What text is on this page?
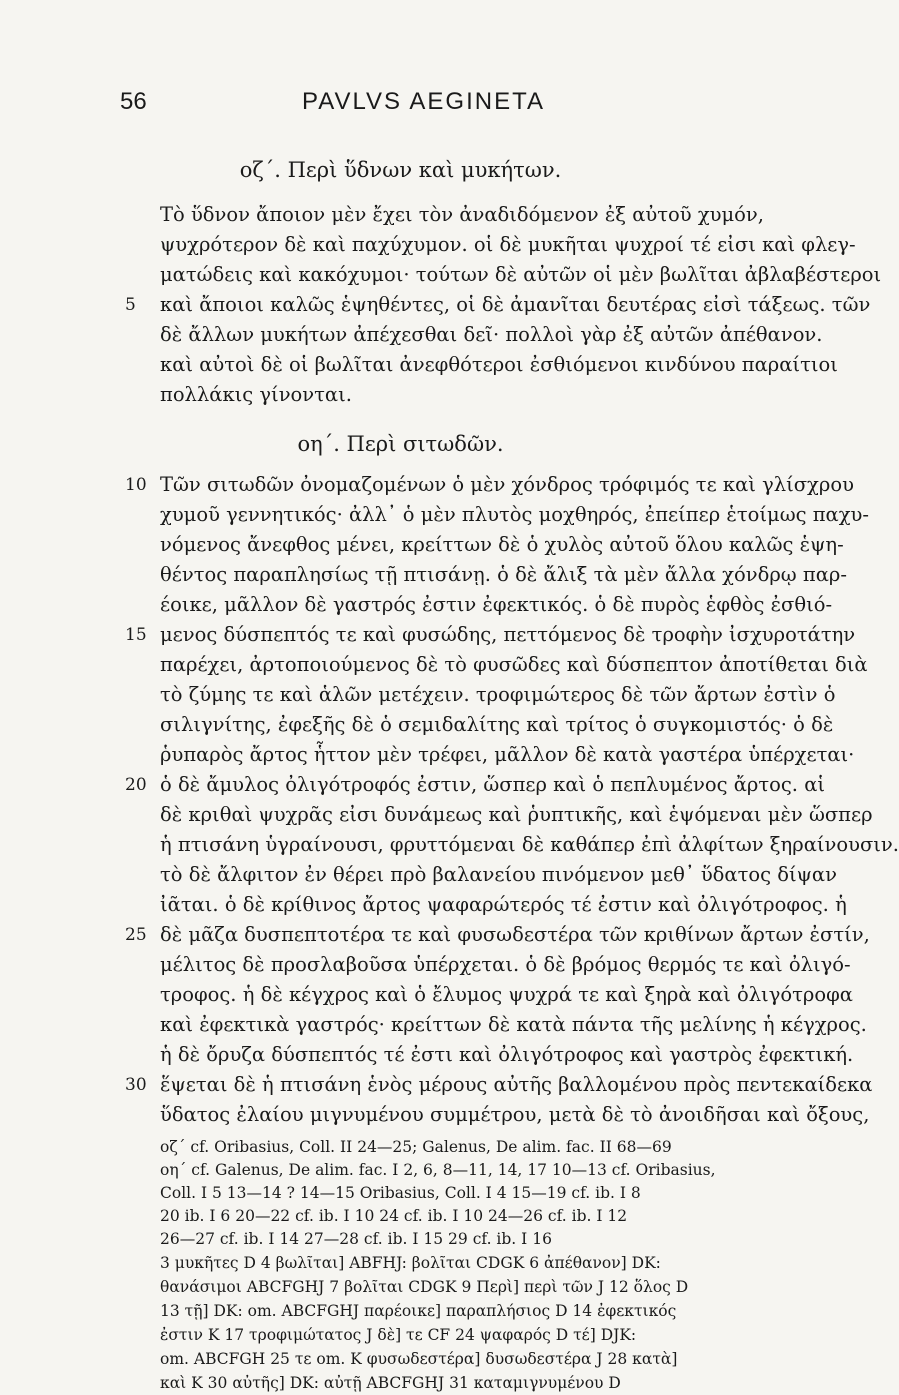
56	PAVLVS AEGINETA
οζ΄. Περὶ ὕδνων καὶ μυκήτων.
Τὸ ὕδνον ἄποιον μὲν ἔχει τὸν ἀναδιδόμενον ἐξ αὐτοῦ χυμόν,
ψυχρότερον δὲ καὶ παχύχυμον. οἱ δὲ μυκῆται ψυχροί τέ εἰσι καὶ φλεγ-
ματώδεις καὶ κακόχυμοι· τούτων δὲ αὐτῶν οἱ μὲν βωλῖται ἀβλαβέστεροι
5 καὶ ἄποιοι καλῶς ἑψηθέντες, οἱ δὲ ἀμανῖται δευτέρας εἰσὶ τάξεως. τῶν
δὲ ἄλλων μυκήτων ἀπέχεσθαι δεῖ· πολλοὶ γὰρ ἐξ αὐτῶν ἀπέθανον.
καὶ αὐτοὶ δὲ οἱ βωλῖται ἀνεφθότεροι ἐσθιόμενοι κινδύνου παραίτιοι
πολλάκις γίνονται.
οη΄. Περὶ σιτωδῶν.
10 Τῶν σιτωδῶν ὀνομαζομένων ὁ μὲν χόνδρος τρόφιμός τε καὶ γλίσχρου
χυμοῦ γεννητικός· ἀλλ᾽ ὁ μὲν πλυτὸς μοχθηρός, ἐπείπερ ἑτοίμως παχυ-
νόμενος ἄνεφθος μένει, κρείττων δὲ ὁ χυλὸς αὐτοῦ ὅλου καλῶς ἑψη-
θέντος παραπλησίως τῇ πτισάνῃ. ὁ δὲ ἄλιξ τὰ μὲν ἄλλα χόνδρῳ παρ-
έοικε, μᾶλλον δὲ γαστρός ἐστιν ἐφεκτικός. ὁ δὲ πυρὸς ἑφθὸς ἐσθιό-
15 μενος δύσπεπτός τε καὶ φυσώδης, πεττόμενος δὲ τροφὴν ἰσχυροτάτην
παρέχει, ἀρτοποιούμενος δὲ τὸ φυσῶδες καὶ δύσπεπτον ἀποτίθεται διὰ
τὸ ζύμης τε καὶ ἁλῶν μετέχειν. τροφιμώτερος δὲ τῶν ἄρτων ἐστὶν ὁ
σιλιγνίτης, ἐφεξῆς δὲ ὁ σεμιδαλίτης καὶ τρίτος ὁ συγκομιστός· ὁ δὲ
ῥυπαρὸς ἄρτος ἧττον μὲν τρέφει, μᾶλλον δὲ κατὰ γαστέρα ὑπέρχεται·
20 ὁ δὲ ἄμυλος ὀλιγότροφός ἐστιν, ὥσπερ καὶ ὁ πεπλυμένος ἄρτος. αἱ
δὲ κριθαὶ ψυχρᾶς εἰσι δυνάμεως καὶ ῥυπτικῆς, καὶ ἑψόμεναι μὲν ὥσπερ
ἡ πτισάνη ὑγραίνουσι, φρυττόμεναι δὲ καθάπερ ἐπὶ ἀλφίτων ξηραίνουσιν.
τὸ δὲ ἄλφιτον ἐν θέρει πρὸ βαλανείου πινόμενον μεθ᾽ ὕδατος δίψαν
ἰᾶται. ὁ δὲ κρίθινος ἄρτος ψαφαρώτερός τέ ἐστιν καὶ ὀλιγότροφος. ἡ
25 δὲ μᾶζα δυσπεπτοτέρα τε καὶ φυσωδεστέρα τῶν κριθίνων ἄρτων ἐστίν,
μέλιτος δὲ προσλαβοῦσα ὑπέρχεται. ὁ δὲ βρόμος θερμός τε καὶ ὀλιγό-
τροφος. ἡ δὲ κέγχρος καὶ ὁ ἔλυμος ψυχρά τε καὶ ξηρὰ καὶ ὀλιγότροφα
καὶ ἐφεκτικὰ γαστρός· κρείττων δὲ κατὰ πάντα τῆς μελίνης ἡ κέγχρος.
ἡ δὲ ὄρυζα δύσπεπτός τέ ἐστι καὶ ὀλιγότροφος καὶ γαστρὸς ἐφεκτική.
30 ἕψεται δὲ ἡ πτισάνη ἑνὸς μέρους αὐτῆς βαλλομένου πρὸς πεντεκαίδεκα
ὕδατος ἐλαίου μιγνυμένου συμμέτρου, μετὰ δὲ τὸ ἀνοιδῆσαι καὶ ὄξους,
οζ΄ cf. Oribasius, Coll. II 24—25; Galenus, De alim. fac. II 68—69
οη΄ cf. Galenus, De alim. fac. I 2, 6, 8—11, 14, 17 10—13 cf. Oribasius,
Coll. I 5 13—14 ? 14—15 Oribasius, Coll. I 4 15—19 cf. ib. I 8
20 ib. I 6 20—22 cf. ib. I 10 24 cf. ib. I 10 24—26 cf. ib. I 12
26—27 cf. ib. I 14 27—28 cf. ib. I 15 29 cf. ib. I 16
3 μυκῆτες D 4 βωλῖται] ABFHJ: βολῖται CDGK 6 ἀπέθανον] DK:
θανάσιμοι ABCFGHJ 7 βολῖται CDGK 9 Περὶ] περὶ τῶν J 12 ὅλος D
13 τῇ] DK: om. ABCFGHJ παρέοικε] παραπλήσιος D 14 ἐφεκτικός
ἐστιν K 17 τροφιμώτατος J δὲ] τε CF 24 ψαφαρός D τέ] DJK:
om. ABCFGH 25 τε om. K φυσωδεστέρα] δυσωδεστέρα J 28 κατὰ]
καὶ K 30 αὐτῆς] DK: αὐτῇ ABCFGHJ 31 καταμιγνυμένου D
